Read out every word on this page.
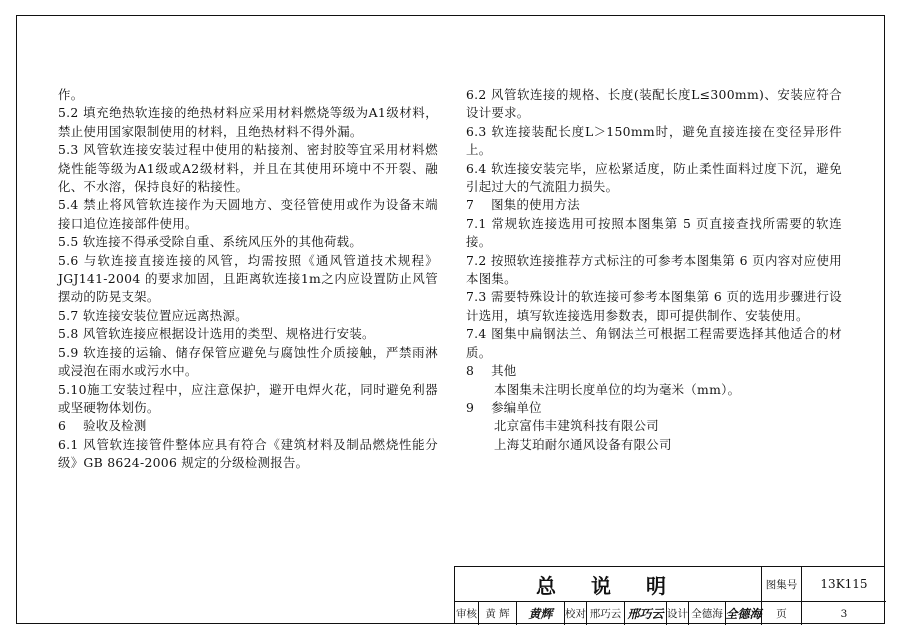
作。

5.2 填充绝热软连接的绝热材料应采用材料燃烧等级为A1级材料，禁止使用国家限制使用的材料，且绝热材料不得外漏。

5.3 风管软连接安装过程中使用的粘接剂、密封胶等宜采用材料燃烧性能等级为A1级或A2级材料，并且在其使用环境中不开裂、融化、不水溶，保持良好的粘接性。

5.4 禁止将风管软连接作为天圆地方、变径管使用或作为设备末端接口追位连接部件使用。

5.5 软连接不得承受除自重、系统风压外的其他荷载。

5.6 与软连接直接连接的风管，均需按照《通风管道技术规程》JGJ141-2004 的要求加固，且距离软连接1m之内应设置防止风管摆动的防晃支架。

5.7 软连接安装位置应远离热源。

5.8 风管软连接应根据设计选用的类型、规格进行安装。

5.9 软连接的运输、储存保管应避免与腐蚀性介质接触，严禁雨淋或浸泡在雨水或污水中。

5.10施工安装过程中，应注意保护，避开电焊火花，同时避免利器或坚硬物体划伤。

6　 验收及检测

6.1 风管软连接管件整体应具有符合《建筑材料及制品燃烧性能分级》GB 8624-2006 规定的分级检测报告。

6.2 风管软连接的规格、长度(装配长度L≤300mm)、安装应符合设计要求。

6.3 软连接装配长度L＞150mm时，避免直接连接在变径异形件上。

6.4 软连接安装完毕，应松紧适度，防止柔性面料过度下沉，避免引起过大的气流阻力损失。

7　 图集的使用方法

7.1 常规软连接选用可按照本图集第 5 页直接查找所需要的软连接。

7.2 按照软连接推荐方式标注的可参考本图集第 6 页内容对应使用本图集。

7.3 需要特殊设计的软连接可参考本图集第 6 页的选用步骤进行设计选用，填写软连接选用参数表，即可提供制作、安装使用。

7.4 图集中扁钢法兰、角钢法兰可根据工程需要选择其他适合的材质。

8　 其他

本图集未注明长度单位的均为毫米（mm）。

9　 参编单位

北京富伟丰建筑科技有限公司

上海艾珀耐尔通风设备有限公司

总 说 明	图集号	13K115
审核 黄 辉	黄辉	校对 邢巧云 邢巧云 设计 全德海 全德海	页	3
